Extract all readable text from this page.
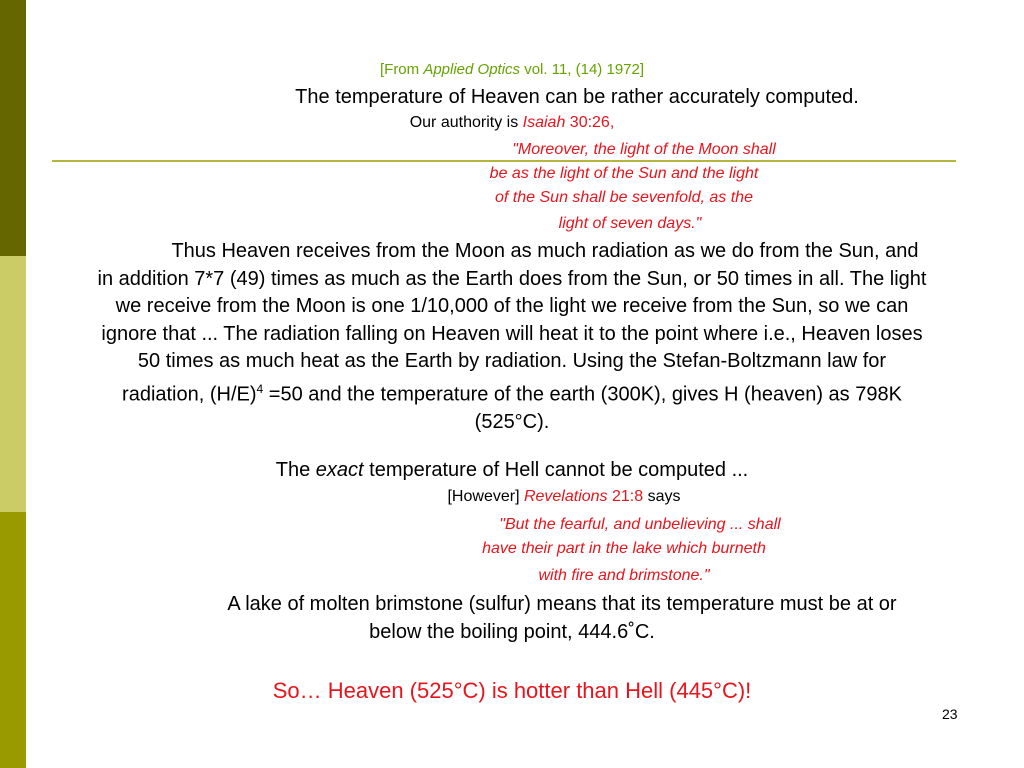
[From Applied Optics vol. 11, (14) 1972]
The temperature of Heaven can be rather accurately computed.
Our authority is Isaiah 30:26,
"Moreover, the light of the Moon shall
be as the light of the Sun and the light
of the Sun shall be sevenfold, as the
light of seven days."
Thus Heaven receives from the Moon as much radiation as we do from the Sun, and in addition 7*7 (49) times as much as the Earth does from the Sun, or 50 times in all. The light we receive from the Moon is one 1/10,000 of the light we receive from the Sun, so we can ignore that ... The radiation falling on Heaven will heat it to the point where i.e., Heaven loses 50 times as much heat as the Earth by radiation. Using the Stefan-Boltzmann law for radiation, $(H/E)^4 =50$ and the temperature of the earth (300K), gives H (heaven) as 798K (525°C).
The exact temperature of Hell cannot be computed ...
[However] Revelations 21:8 says
"But the fearful, and unbelieving ... shall
have their part in the lake which burneth
with fire and brimstone."
A lake of molten brimstone (sulfur) means that its temperature must be at or
below the boiling point, 444.6˚C.
So… Heaven (525°C) is hotter than Hell (445°C)!
23
